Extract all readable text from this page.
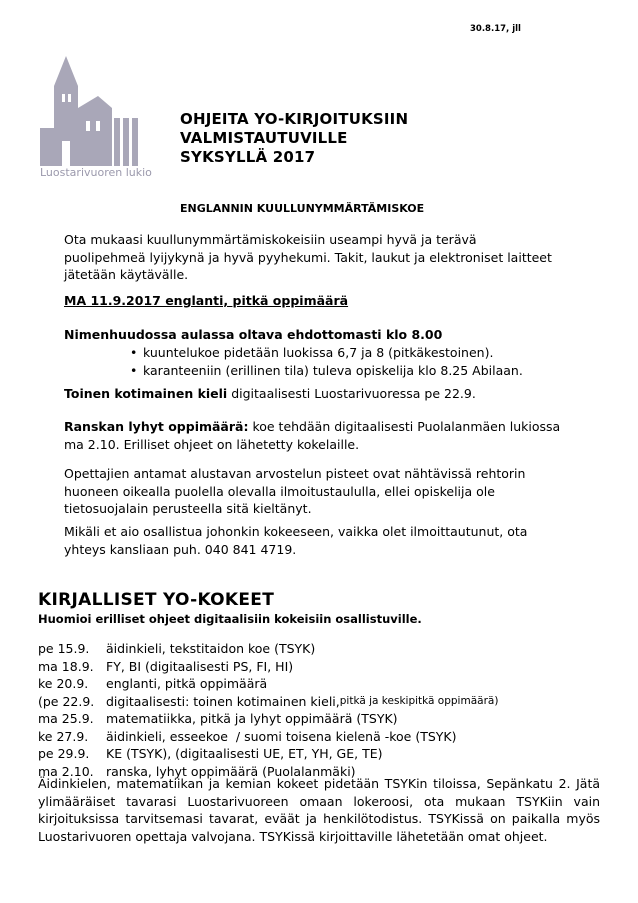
30.8.17, jll
Luostarivuoren lukio
OHJEITA YO-KIRJOITUKSIIN
VALMISTAUTUVILLE
SYKSYLLÄ 2017
ENGLANNIN KUULLUNYMMÄRTÄMISKOE
Ota mukaasi kuullunymmärtämiskokeisiin useampi hyvä ja terävä
puolipehmeä lyijykynä ja hyvä pyyhekumi. Takit, laukut ja elektroniset laitteet
jätetään käytävälle.
MA 11.9.2017 englanti, pitkä oppimäärä
Nimenhuudossa aulassa oltava ehdottomasti klo 8.00
• kuuntelukoe pidetään luokissa 6,7 ja 8 (pitkäkestoinen).
• karanteeniin (erillinen tila) tuleva opiskelija klo 8.25 Abilaan.
Toinen kotimainen kieli digitaalisesti Luostarivuoressa pe 22.9.
Ranskan lyhyt oppimäärä: koe tehdään digitaalisesti Puolalanmäen lukiossa
ma 2.10. Erilliset ohjeet on lähetetty kokelaille.
Opettajien antamat alustavan arvostelun pisteet ovat nähtävissä rehtorin
huoneen oikealla puolella olevalla ilmoitustaululla, ellei opiskelija ole
tietosuojalain perusteella sitä kieltänyt.
Mikäli et aio osallistua johonkin kokeeseen, vaikka olet ilmoittautunut, ota
yhteys kansliaan puh. 040 841 4719.
KIRJALLISET YO-KOKEET
Huomioi erilliset ohjeet digitaalisiin kokeisiin osallistuville.
pe 15.9.	äidinkieli, tekstitaidon koe (TSYK)
ma 18.9. FY, BI (digitaalisesti PS, FI, HI)
ke 20.9.	englanti, pitkä oppimäärä
(pe 22.9. digitaalisesti: toinen kotimainen kieli, pitkä ja keskipitkä oppimäärä)
ma 25.9. matematiikka, pitkä ja lyhyt oppimäärä (TSYK)
ke 27.9.	äidinkieli, esseekoe  / suomi toisena kielenä -koe (TSYK)
pe 29.9.	KE (TSYK), (digitaalisesti UE, ET, YH, GE, TE)
ma 2.10. ranska, lyhyt oppimäärä (Puolalanmäki)
Äidinkielen, matematiikan ja kemian kokeet pidetään TSYKin tiloissa, Sepänkatu 2. Jätä ylimääräiset tavarasi Luostarivuoreen omaan lokeroosi, ota mukaan TSYKiin vain kirjoituksissa tarvitsemasi tavarat, eväät ja henkilötodistus. TSYKissä on paikalla myös Luostarivuoren opettaja valvojana. TSYKissä kirjoittaville lähetetään omat ohjeet.
